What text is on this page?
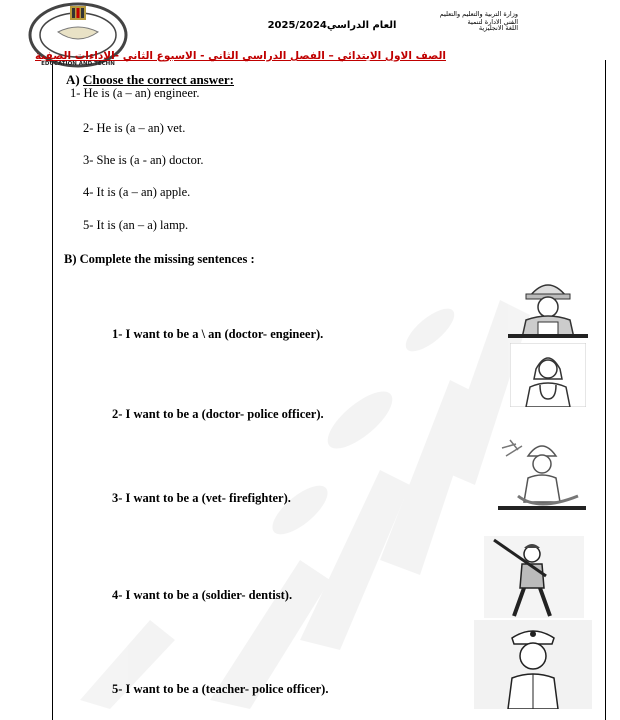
EDUCATION AND TECHN
العام الدراسي2025/2024
وزارة التربية والتعليم والتعليم الفني الادارة لتنمية
اللغة الانجليزية
الصف الاول الابتدائي – الفصل الدراسي الثاني - الاسبوع الثاني -الاداءات الصفية
A) Choose the correct answer:
1- He is (a – an) engineer.
2- He is (a – an) vet.
3- She is (a - an) doctor.
4- It is (a – an) apple.
5- It is (an – a) lamp.
B) Complete the missing sentences :
1- I want to be a \ an (doctor- engineer).
2- I want to be a (doctor- police officer).
3- I want to be a (vet- firefighter).
4- I want to be a (soldier- dentist).
5- I want to be a (teacher- police officer).
